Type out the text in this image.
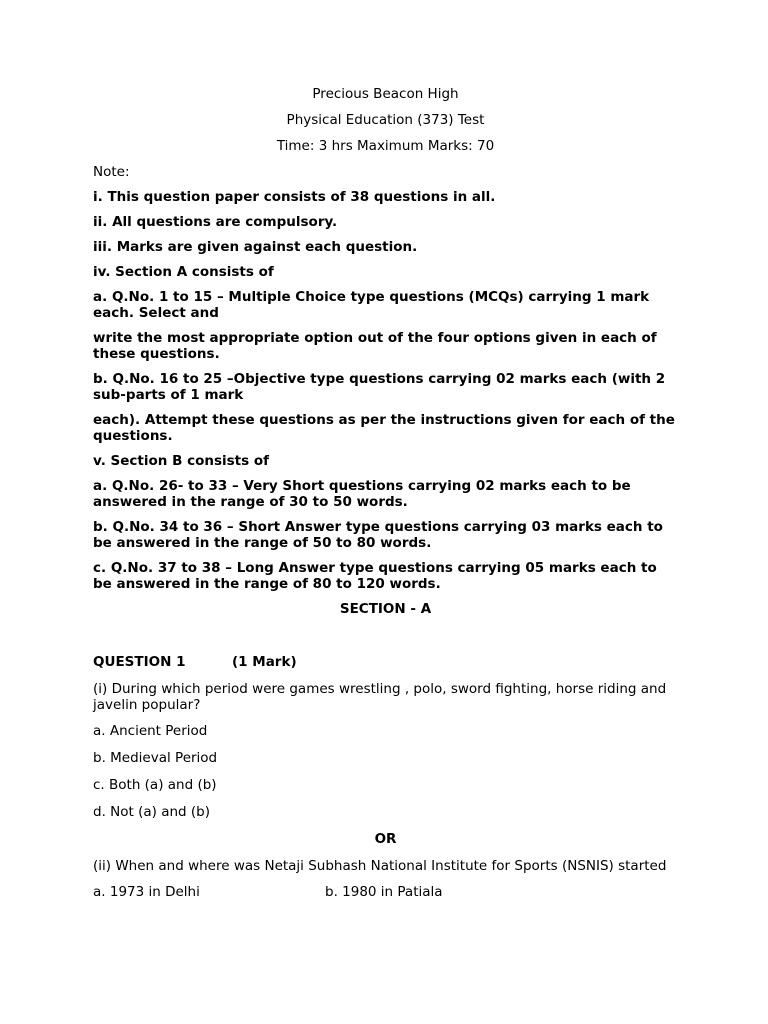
Precious Beacon High

Physical Education (373) Test

Time: 3 hrs Maximum Marks: 70

Note:

i. This question paper consists of 38 questions in all.

ii. All questions are compulsory.

iii. Marks are given against each question.

iv. Section A consists of

a. Q.No. 1 to 15 – Multiple Choice type questions (MCQs) carrying 1 mark each. Select and

write the most appropriate option out of the four options given in each of these questions.

b. Q.No. 16 to 25 –Objective type questions carrying 02 marks each (with 2 sub-parts of 1 mark

each). Attempt these questions as per the instructions given for each of the questions.

v. Section B consists of

a. Q.No. 26- to 33 – Very Short questions carrying 02 marks each to be answered in the range of 30 to 50 words.

b. Q.No. 34 to 36 – Short Answer type questions carrying 03 marks each to be answered in the range of 50 to 80 words.

c. Q.No. 37 to 38 – Long Answer type questions carrying 05 marks each to be answered in the range of 80 to 120 words.

SECTION - A

QUESTION 1	(1 Mark)

(i) During which period were games wrestling , polo, sword fighting, horse riding and javelin popular?

a. Ancient Period

b. Medieval Period

c. Both (a) and (b)

d. Not (a) and (b)

OR

(ii) When and where was Netaji Subhash National Institute for Sports (NSNIS) started

a. 1973 in Delhi	b. 1980 in Patiala
